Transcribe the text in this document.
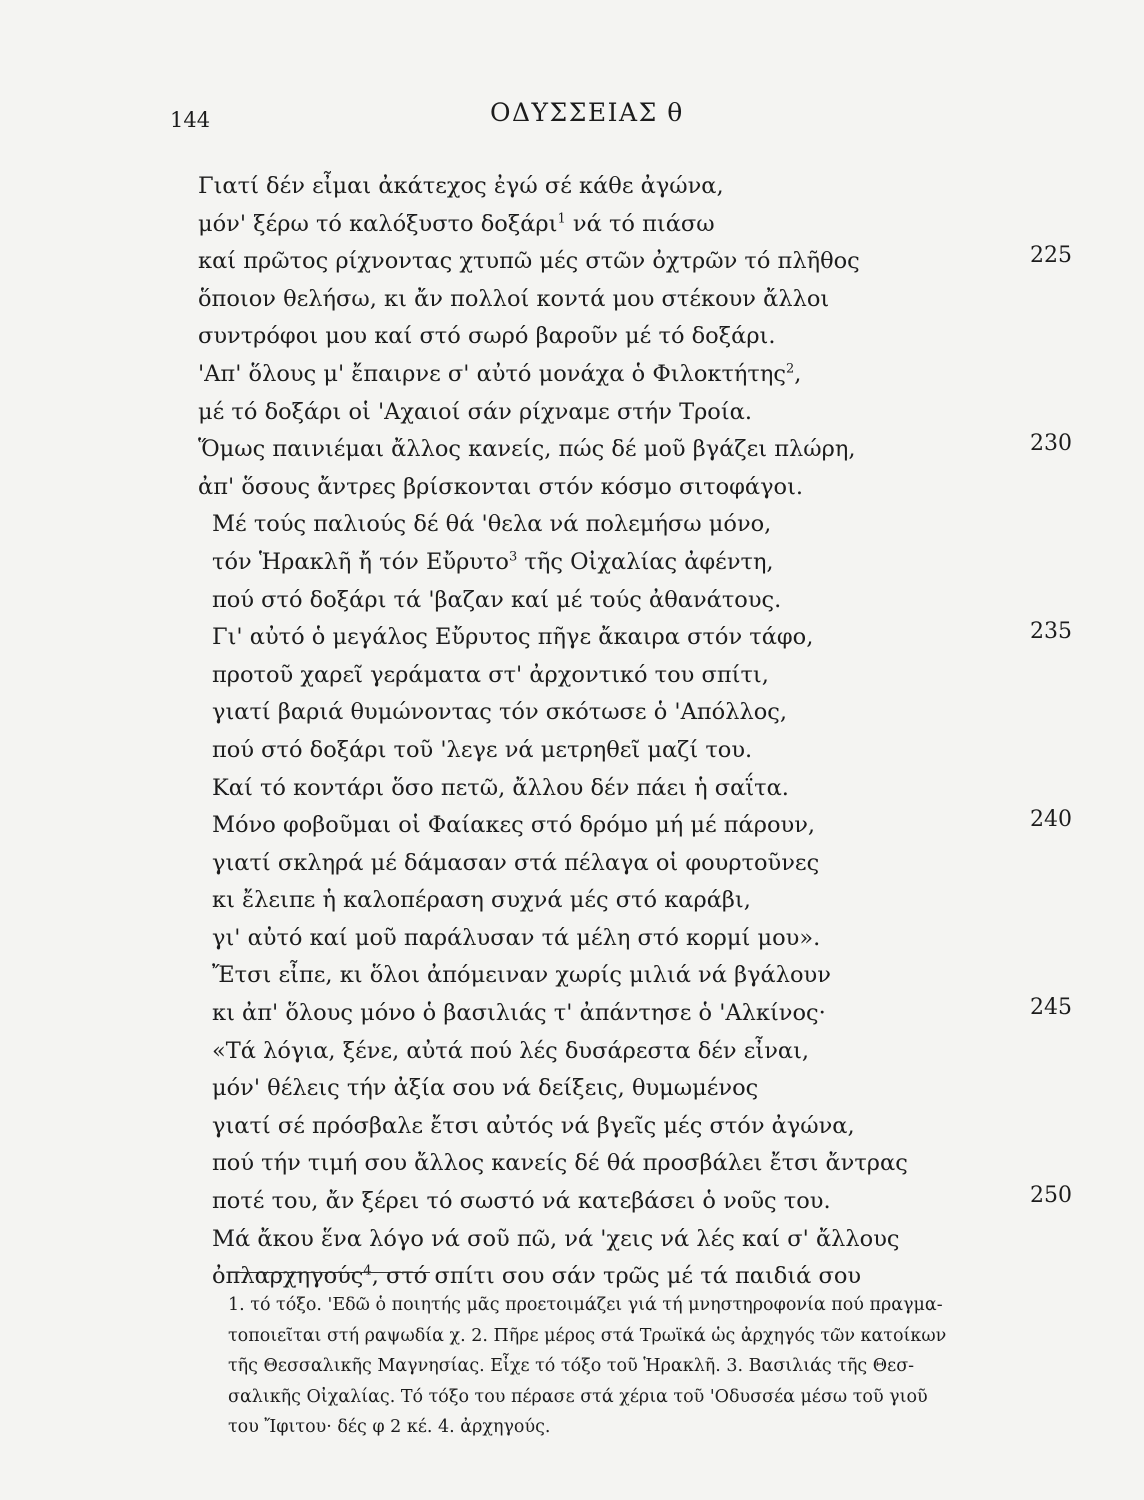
144	ΟΔΥΣΣΕΙΑΣ θ
Γιατί δέν εἶμαι ἀκάτεχος ἐγώ σέ κάθε ἀγώνα,
μόν' ξέρω τό καλόξυστο δοξάρι$^1$ νά τό πιάσω
καί πρῶτος ρίχνοντας χτυπῶ μές στῶν ὀχτρῶν τό πλῆθος	225
ὅποιον θελήσω, κι ἄν πολλοί κοντά μου στέκουν ἄλλοι
συντρόφοι μου καί στό σωρό βαροῦν μέ τό δοξάρι.
'Απ' ὅλους μ' ἔπαιρνε σ' αὐτό μονάχα ὁ Φιλοκτήτης$^2$,
μέ τό δοξάρι οἱ 'Αχαιοί σάν ρίχναμε στήν Τροία.
Ὅμως παινιέμαι ἄλλος κανείς, πώς δέ μοῦ βγάζει πλώρη,	230
ἀπ' ὅσους ἄντρες βρίσκονται στόν κόσμο σιτοφάγοι.
Μέ τούς παλιούς δέ θά 'θελα νά πολεμήσω μόνο,
τόν Ἡρακλῆ ἤ τόν Εὔρυτο$^3$ τῆς Οἰχαλίας ἀφέντη,
πού στό δοξάρι τά 'βαζαν καί μέ τούς ἀθανάτους.
Γι' αὐτό ὁ μεγάλος Εὔρυτος πῆγε ἄκαιρα στόν τάφο,	235
προτοῦ χαρεῖ γεράματα στ' ἀρχοντικό του σπίτι,
γιατί βαριά θυμώνοντας τόν σκότωσε ὁ 'Απόλλος,
πού στό δοξάρι τοῦ 'λεγε νά μετρηθεῖ μαζί του.
Καί τό κοντάρι ὅσο πετῶ, ἄλλου δέν πάει ἡ σαΐτα.
Μόνο φοβοῦμαι οἱ Φαίακες στό δρόμο μή μέ πάρουν,	240
γιατί σκληρά μέ δάμασαν στά πέλαγα οἱ φουρτοῦνες
κι ἔλειπε ἡ καλοπέραση συχνά μές στό καράβι,
γι' αὐτό καί μοῦ παράλυσαν τά μέλη στό κορμί μου».
Ἔτσι εἶπε, κι ὅλοι ἀπόμειναν χωρίς μιλιά νά βγάλουν
κι ἀπ' ὅλους μόνο ὁ βασιλιάς τ' ἀπάντησε ὁ 'Αλκίνος·	245
«Τά λόγια, ξένε, αὐτά πού λές δυσάρεστα δέν εἶναι,
μόν' θέλεις τήν ἀξία σου νά δείξεις, θυμωμένος
γιατί σέ πρόσβαλε ἔτσι αὐτός νά βγεῖς μές στόν ἀγώνα,
πού τήν τιμή σου ἄλλος κανείς δέ θά προσβάλει ἔτσι ἄντρας
ποτέ του, ἄν ξέρει τό σωστό νά κατεβάσει ὁ νοῦς του.	250
Μά ἄκου ἕνα λόγο νά σοῦ πῶ, νά 'χεις νά λές καί σ' ἄλλους
ὀπλαρχηγούς$^4$, στό σπίτι σου σάν τρῶς μέ τά παιδιά σου
1. τό τόξο. 'Εδῶ ὁ ποιητής μᾶς προετοιμάζει γιά τή μνηστηροφονία πού πραγμα-
τοποιεῖται στή ραψωδία χ. 2. Πῆρε μέρος στά Τρωϊκά ὡς ἀρχηγός τῶν κατοίκων
τῆς Θεσσαλικῆς Μαγνησίας. Εἶχε τό τόξο τοῦ Ἡρακλῆ. 3. Βασιλιάς τῆς Θεσ-
σαλικῆς Οἰχαλίας. Τό τόξο του πέρασε στά χέρια τοῦ 'Οδυσσέα μέσω τοῦ γιοῦ
του Ἴφιτου· δές φ 2 κέ. 4. ἀρχηγούς.
